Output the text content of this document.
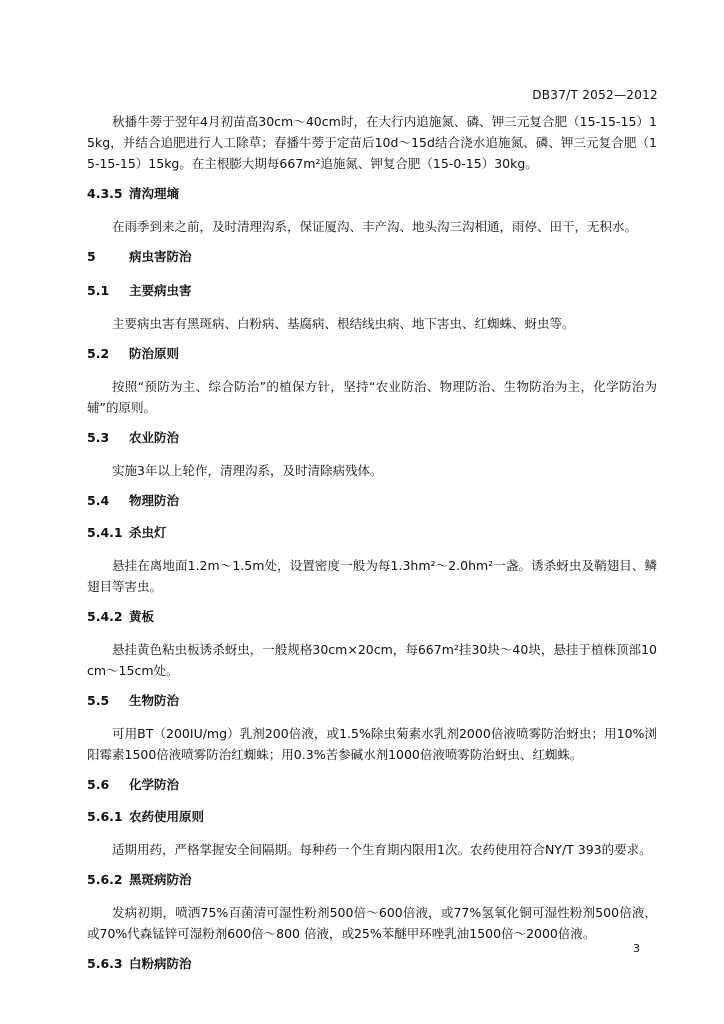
DB37/T 2052—2012

秋播牛蒡于翌年4月初苗高30cm～40cm时，在大行内追施氮、磷、钾三元复合肥（15-15-15）15kg，并结合追肥进行人工除草；春播牛蒡于定苗后10d～15d结合浇水追施氮、磷、钾三元复合肥（15-15-15）15kg。在主根膨大期每667m²追施氮、钾复合肥（15-0-15）30kg。

4.3.5 清沟理墒

在雨季到来之前，及时清理沟系，保证厦沟、丰产沟、地头沟三沟相通，雨停、田干，无积水。

5	病虫害防治
5.1 主要病虫害

主要病虫害有黑斑病、白粉病、基腐病、根结线虫病、地下害虫、红蜘蛛、蚜虫等。

5.2 防治原则

按照“预防为主、综合防治”的植保方针，坚持“农业防治、物理防治、生物防治为主，化学防治为辅”的原则。

5.3 农业防治

实施3年以上轮作，清理沟系，及时清除病残体。

5.4 物理防治
5.4.1 杀虫灯

悬挂在离地面1.2m～1.5m处，设置密度一般为每1.3hm²～2.0hm²一盏。诱杀蚜虫及鞘翅目、鳞翅目等害虫。

5.4.2 黄板

悬挂黄色粘虫板诱杀蚜虫，一般规格30cm×20cm，每667m²挂30块～40块，悬挂于植株顶部10cm～15cm处。

5.5 生物防治

可用BT（200IU/mg）乳剂200倍液，或1.5%除虫菊素水乳剂2000倍液喷雾防治蚜虫；用10%浏阳霉素1500倍液喷雾防治红蜘蛛；用0.3%苦参碱水剂1000倍液喷雾防治蚜虫、红蜘蛛。

5.6 化学防治
5.6.1 农药使用原则

适期用药，严格掌握安全间隔期。每种药一个生育期内限用1次。农药使用符合NY/T 393的要求。

5.6.2 黑斑病防治

发病初期，喷洒75%百菌清可湿性粉剂500倍～600倍液，或77%氢氧化铜可湿性粉剂500倍液，或70%代森锰锌可湿粉剂600倍～800 倍液，或25%苯醚甲环唑乳油1500倍～2000倍液。

5.6.3 白粉病防治
3
